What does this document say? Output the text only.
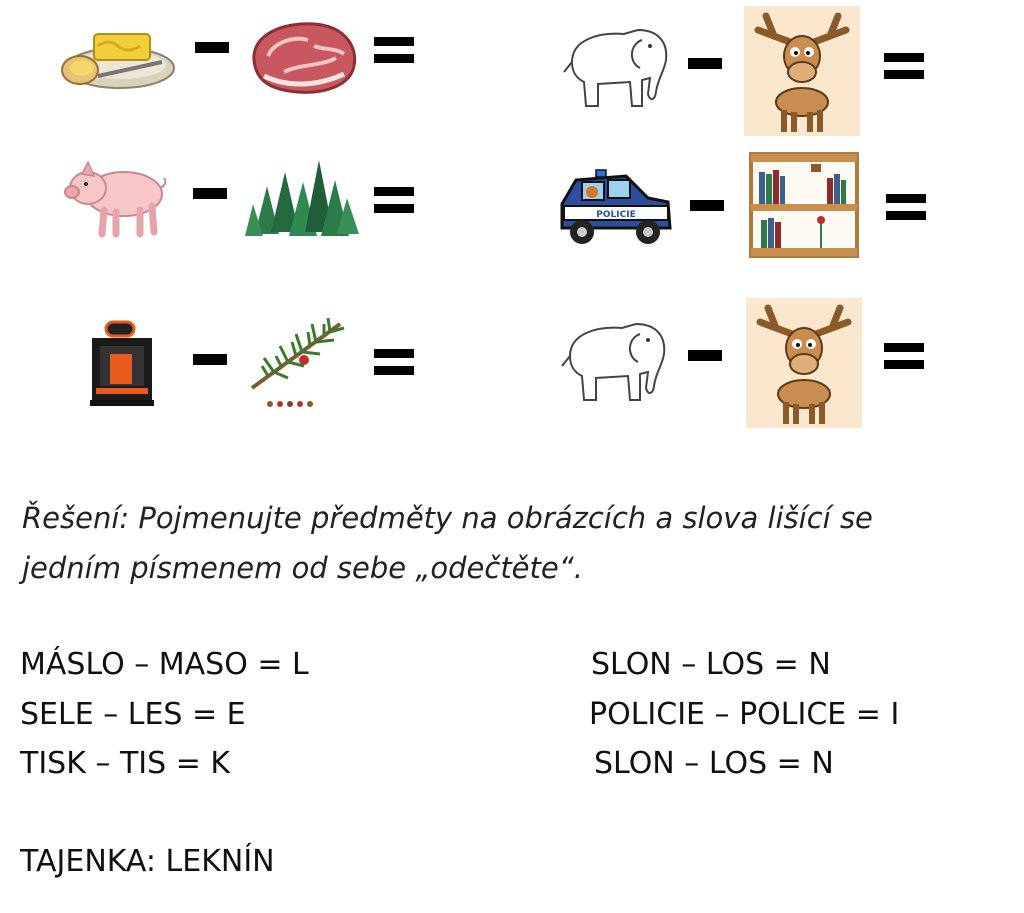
POLICIE
Řešení: Pojmenujte předměty na obrázcích a slova lišící se
jedním písmenem od sebe „odečtěte“.
MÁSLO – MASO = L
SELE – LES = E
TISK – TIS = K
SLON – LOS = N
POLICIE – POLICE = I
SLON – LOS = N
TAJENKA: LEKNÍN
